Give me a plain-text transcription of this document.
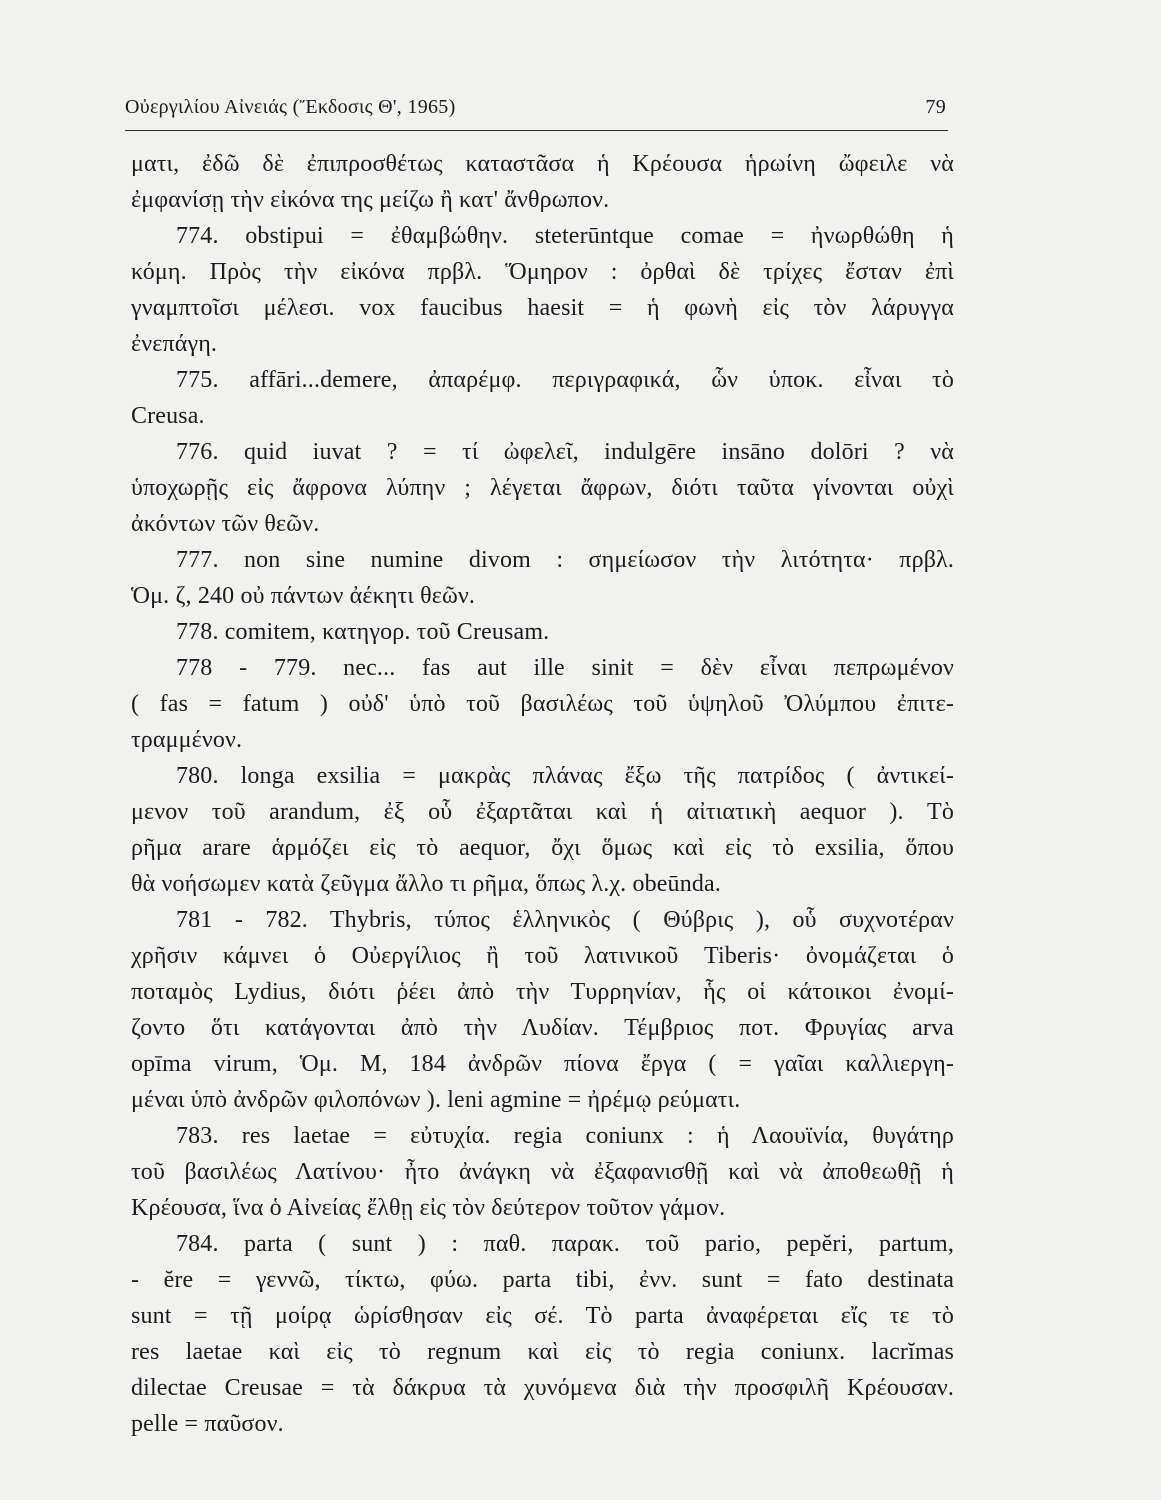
Οὐεργιλίου Αἰνειάς (Ἔκδοσις Θ', 1965)	79
ματι, ἐδῶ δὲ ἐπιπροσθέτως καταστᾶσα ἡ Κρέουσα ἡρωίνη ὤφειλε νὰ
ἐμφανίσῃ τὴν εἰκόνα της μείζω ἢ κατ' ἄνθρωπον.
774. obstipui = ἐθαμβώθην. steterūntque comae = ἠνωρθώθη ἡ
κόμη. Πρὸς τὴν εἰκόνα πρβλ. Ὅμηρον : ὀρθαὶ δὲ τρίχες ἔσταν ἐπὶ
γναμπτοῖσι μέλεσι. vox faucibus haesit = ἡ φωνὴ εἰς τὸν λάρυγγα
ἐνεπάγη.
775. affāri...demere, ἀπαρέμφ. περιγραφικά, ὧν ὑποκ. εἶναι τὸ
Creusa.
776. quid iuvat ? = τί ὠφελεῖ, indulgēre insāno dolōri ? νὰ
ὑποχωρῇς εἰς ἄφρονα λύπην ; λέγεται ἄφρων, διότι ταῦτα γίνονται οὐχὶ
ἀκόντων τῶν θεῶν.
777. non sine numine divom : σημείωσον τὴν λιτότητα· πρβλ.
Ὁμ. ζ, 240 οὐ πάντων ἀέκητι θεῶν.
778. comitem, κατηγορ. τοῦ Creusam.
778 - 779. nec... fas aut ille sinit = δὲν εἶναι πεπρωμένον
( fas = fatum ) οὐδ' ὑπὸ τοῦ βασιλέως τοῦ ὑψηλοῦ Ὀλύμπου ἐπιτε-
τραμμένον.
780. longa exsilia = μακρὰς πλάνας ἔξω τῆς πατρίδος ( ἀντικεί-
μενον τοῦ arandum, ἐξ οὗ ἐξαρτᾶται καὶ ἡ αἰτιατικὴ aequor ). Τὸ
ρῆμα arare ἁρμόζει εἰς τὸ aequor, ὄχι ὅμως καὶ εἰς τὸ exsilia, ὅπου
θὰ νοήσωμεν κατὰ ζεῦγμα ἄλλο τι ρῆμα, ὅπως λ.χ. obeūnda.
781 - 782. Thybris, τύπος ἑλληνικὸς ( Θύβρις ), οὗ συχνοτέραν
χρῆσιν κάμνει ὁ Οὐεργίλιος ἢ τοῦ λατινικοῦ Tiberis· ὀνομάζεται ὁ
ποταμὸς Lydius, διότι ῥέει ἀπὸ τὴν Τυρρηνίαν, ἧς οἱ κάτοικοι ἐνομί-
ζοντο ὅτι κατάγονται ἀπὸ τὴν Λυδίαν. Τέμβριος ποτ. Φρυγίας arva
opīma virum, Ὁμ. Μ, 184 ἀνδρῶν πίονα ἔργα ( = γαῖαι καλλιεργη-
μέναι ὑπὸ ἀνδρῶν φιλοπόνων ). leni agmine = ἠρέμῳ ρεύματι.
783. res laetae = εὐτυχία. regia coniunx : ἡ Λαουϊνία, θυγάτηρ
τοῦ βασιλέως Λατίνου· ἦτο ἀνάγκη νὰ ἐξαφανισθῇ καὶ νὰ ἀποθεωθῇ ἡ
Κρέουσα, ἵνα ὁ Αἰνείας ἔλθῃ εἰς τὸν δεύτερον τοῦτον γάμον.
784. parta ( sunt ) : παθ. παρακ. τοῦ pario, pepĕri, partum,
- ĕre = γεννῶ, τίκτω, φύω. parta tibi, ἐνν. sunt = fato destinata
sunt = τῇ μοίρᾳ ὡρίσθησαν εἰς σέ. Τὸ parta ἀναφέρεται εἴς τε τὸ
res laetae καὶ εἰς τὸ regnum καὶ εἰς τὸ regia coniunx. lacrĭmas
dilectae Creusae = τὰ δάκρυα τὰ χυνόμενα διὰ τὴν προσφιλῆ Κρέουσαν.
pelle = παῦσον.
